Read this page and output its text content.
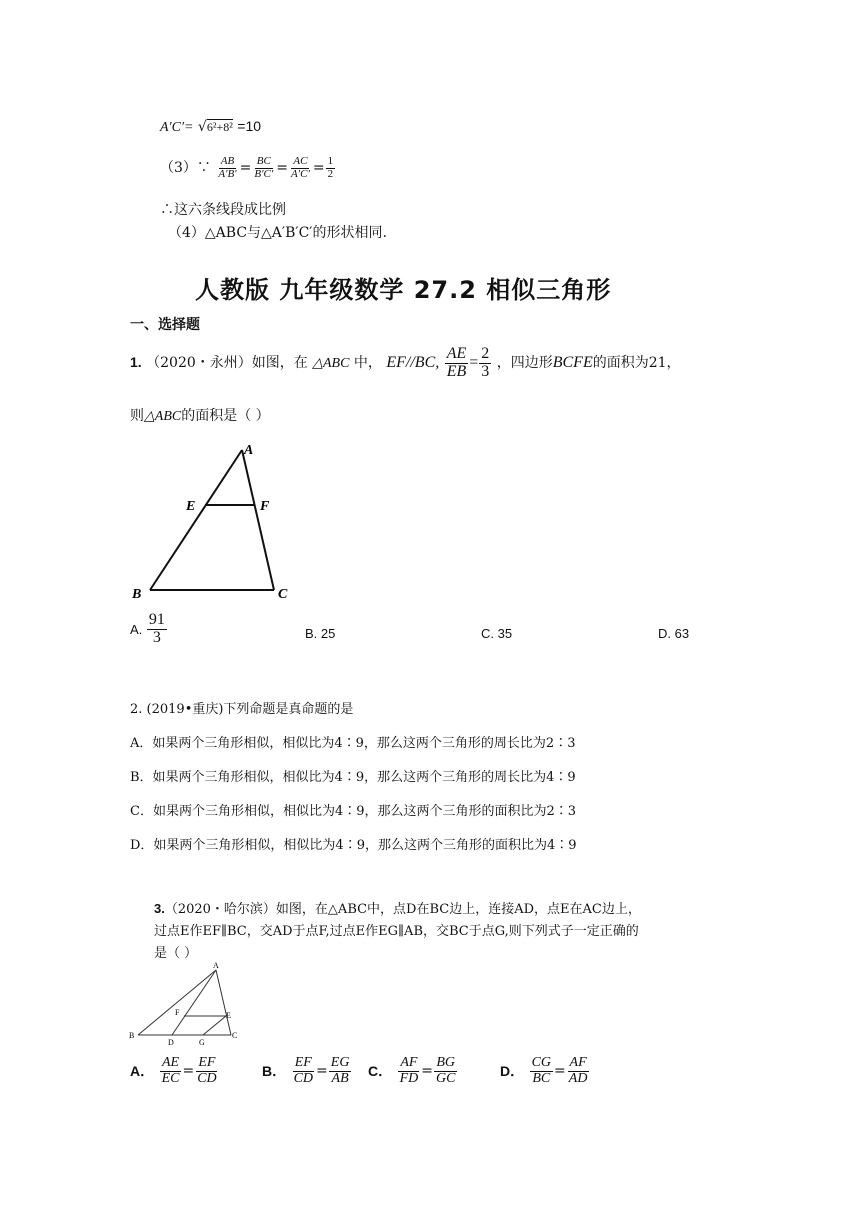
A′C′= √6²+8² =10
（3）∵ $\frac{AB}{A'B'} = \frac{BC}{B'C'} = \frac{AC}{A'C'} = \frac{1}{2}$
∴这六条线段成比例
（4）△ABC与△A′B′C′的形状相同.
人教版 九年级数学 27.2 相似三角形
一、选择题
1. （2020・永州）如图，在 △ABC 中， EF//BC, $\frac{AE}{EB} = \frac{2}{3}$ ，四边形BCFE的面积为21，
则△ABC的面积是（ ）
A
E	F
B	C
A. $\frac{91}{3}$	B. 25	C. 35	D. 63
2. (2019•重庆)下列命题是真命题的是
A．如果两个三角形相似，相似比为4∶9，那么这两个三角形的周长比为2∶3
B．如果两个三角形相似，相似比为4∶9，那么这两个三角形的周长比为4∶9
C．如果两个三角形相似，相似比为4∶9，那么这两个三角形的面积比为2∶3
D．如果两个三角形相似，相似比为4∶9，那么这两个三角形的面积比为4∶9
3.（2020・哈尔滨）如图，在△ABC中，点D在BC边上，连接AD，点E在AC边上，
过点E作EF∥BC，交AD于点F,过点E作EG∥AB，交BC于点G,则下列式子一定正确的
是（ ）
A
F	E
B	C
D	G
A． $\frac{AE}{EC} = \frac{EF}{CD}$	B． $\frac{EF}{CD} = \frac{EG}{AB}$ C． $\frac{AF}{FD} = \frac{BG}{GC}$	D． $\frac{CG}{BC} = \frac{AF}{AD}$
